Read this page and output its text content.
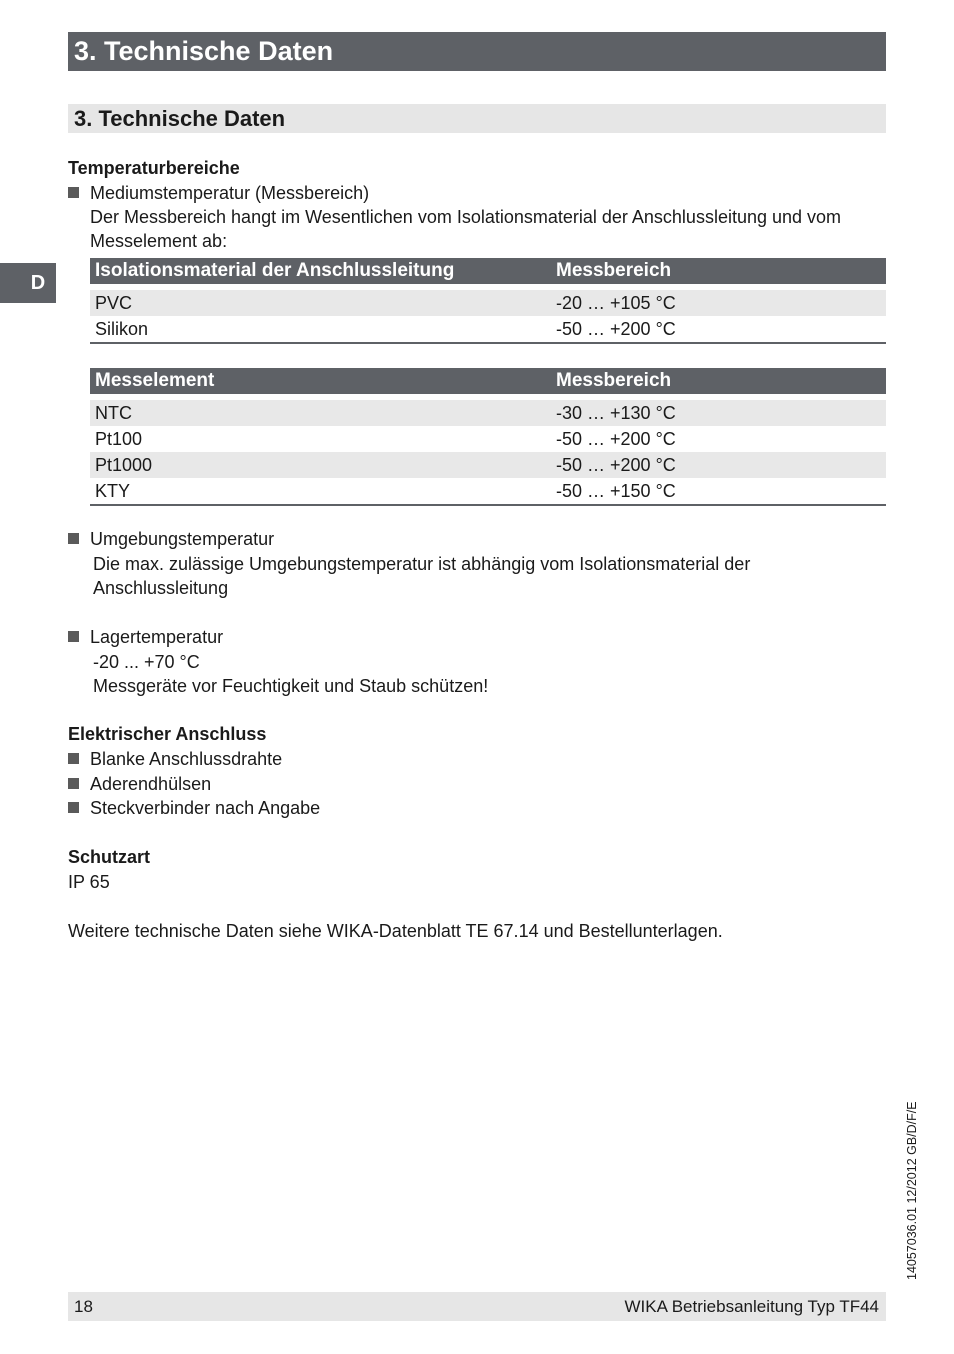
3. Technische Daten
3. Technische Daten
D
Temperaturbereiche
Mediumstemperatur (Messbereich)
Der Messbereich hangt im Wesentlichen vom Isolationsmaterial der Anschlussleitung und vom
Messelement ab:
Isolationsmaterial der Anschlussleitung	Messbereich
PVC	-20 … +105 °C
Silikon	-50 … +200 °C
Messelement	Messbereich
NTC	-30 … +130 °C
Pt100	-50 … +200 °C
Pt1000	-50 … +200 °C
KTY	-50 … +150 °C
Umgebungstemperatur
Die max. zulässige Umgebungstemperatur ist abhängig vom Isolationsmaterial der
Anschlussleitung
Lagertemperatur
-20 ... +70 °C
Messgeräte vor Feuchtigkeit und Staub schützen!
Elektrischer Anschluss
Blanke Anschlussdrahte
Aderendhülsen
Steckverbinder nach Angabe
Schutzart
IP 65
Weitere technische Daten siehe WIKA-Datenblatt TE 67.14 und Bestellunterlagen.
14057036.01 12/2012 GB/D/F/E
18	WIKA Betriebsanleitung Typ TF44
